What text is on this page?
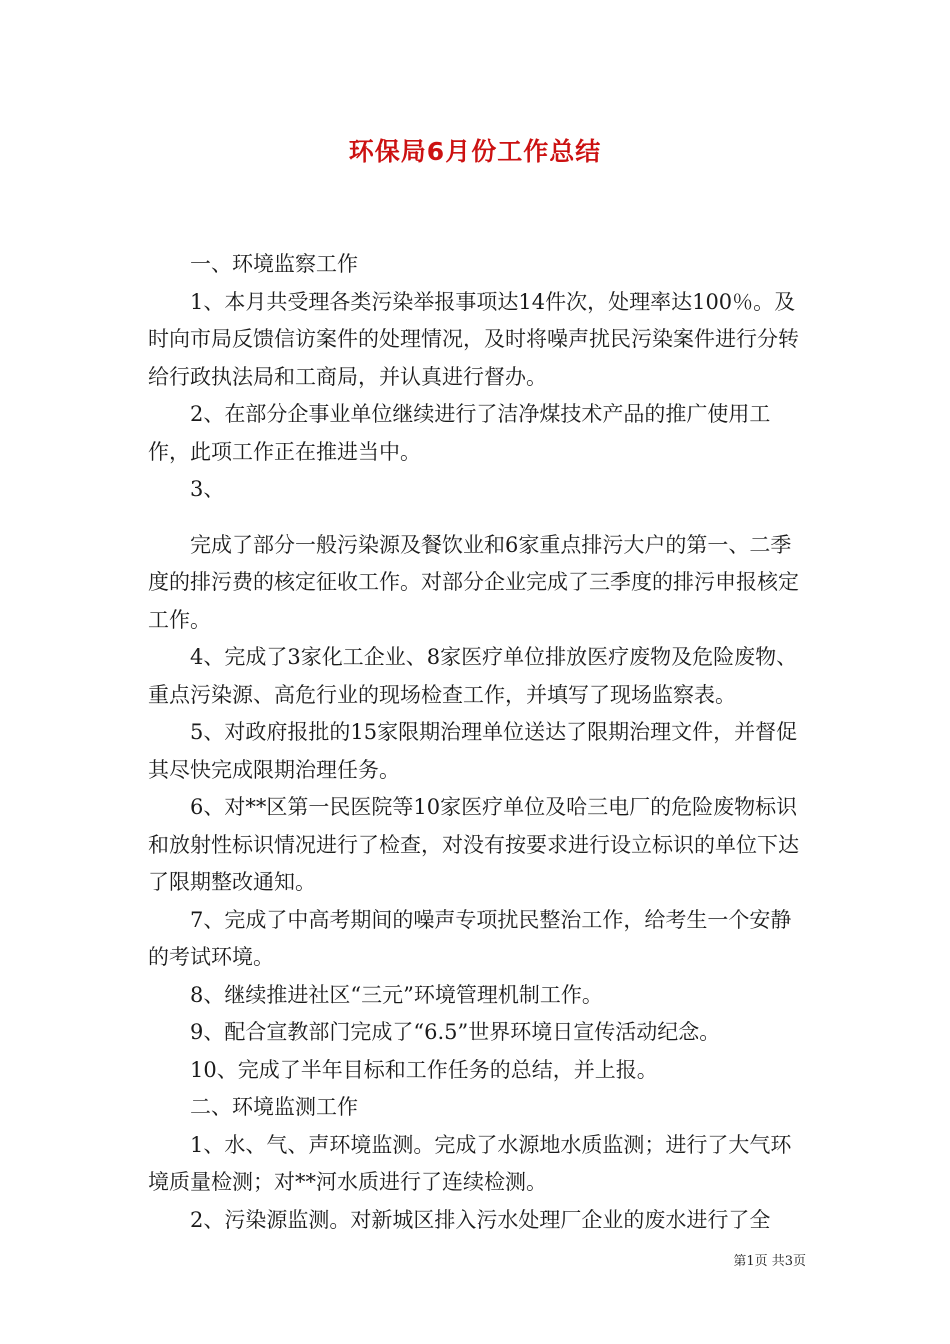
环保局6月份工作总结

一、环境监察工作

1、本月共受理各类污染举报事项达14件次，处理率达100％。及时向市局反馈信访案件的处理情况，及时将噪声扰民污染案件进行分转给行政执法局和工商局，并认真进行督办。

2、在部分企事业单位继续进行了洁净煤技术产品的推广使用工作，此项工作正在推进当中。

3、

完成了部分一般污染源及餐饮业和6家重点排污大户的第一、二季度的排污费的核定征收工作。对部分企业完成了三季度的排污申报核定工作。

4、完成了3家化工企业、8家医疗单位排放医疗废物及危险废物、重点污染源、高危行业的现场检查工作，并填写了现场监察表。

5、对政府报批的15家限期治理单位送达了限期治理文件，并督促其尽快完成限期治理任务。

6、对**区第一民医院等10家医疗单位及哈三电厂的危险废物标识和放射性标识情况进行了检查，对没有按要求进行设立标识的单位下达了限期整改通知。

7、完成了中高考期间的噪声专项扰民整治工作，给考生一个安静的考试环境。

8、继续推进社区“三元”环境管理机制工作。

9、配合宣教部门完成了“6.5”世界环境日宣传活动纪念。

10、完成了半年目标和工作任务的总结，并上报。

二、环境监测工作

1、水、气、声环境监测。完成了水源地水质监测；进行了大气环境质量检测；对**河水质进行了连续检测。

2、污染源监测。对新城区排入污水处理厂企业的废水进行了全

第1页 共3页
